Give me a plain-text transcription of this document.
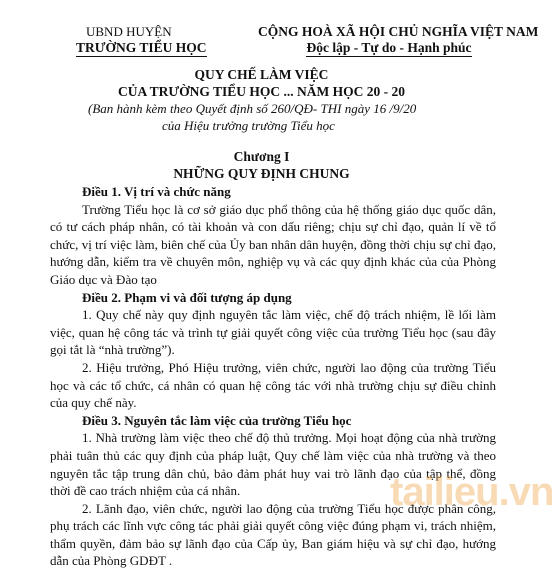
UBND HUYỆN
TRƯỜNG TIỂU HỌC
CỘNG HOÀ XÃ HỘI CHỦ NGHĨA VIỆT NAM
Độc lập - Tự do - Hạnh phúc
QUY CHẾ LÀM VIỆC
CỦA TRƯỜNG TIỂU HỌC ... NĂM HỌC 20 - 20
(Ban hành kèm theo Quyết định số 260/QĐ- THI ngày 16 /9/20
của Hiệu trưởng trường Tiểu học
Chương I
NHỮNG QUY ĐỊNH CHUNG

Điều 1. Vị trí và chức năng

Trường Tiểu học là cơ sở giáo dục phổ thông của hệ thống giáo dục quốc dân, có tư cách pháp nhân, có tài khoản và con dấu riêng; chịu sự chỉ đạo, quản lí về tổ chức, vị trí việc làm, biên chế của Ủy ban nhân dân huyện, đồng thời chịu sự chỉ đạo, hướng dẫn, kiểm tra về chuyên môn, nghiệp vụ và các quy định khác của của Phòng Giáo dục và Đào tạo

Điều 2. Phạm vi và đối tượng áp dụng

1. Quy chế này quy định nguyên tắc làm việc, chế độ trách nhiệm, lề lối làm việc, quan hệ công tác và trình tự giải quyết công việc của trường Tiểu học (sau đây gọi tắt là “nhà trường”).

2. Hiệu trưởng, Phó Hiệu trưởng, viên chức, người lao động của trường Tiểu học và các tổ chức, cá nhân có quan hệ công tác với nhà trường chịu sự điều chỉnh của quy chế này.

Điều 3. Nguyên tắc làm việc của trường Tiểu học

1. Nhà trường làm việc theo chế độ thủ trưởng. Mọi hoạt động của nhà trường phải tuân thủ các quy định của pháp luật, Quy chế làm việc của nhà trường và theo nguyên tắc tập trung dân chủ, bảo đảm phát huy vai trò lãnh đạo của tập thể, đồng thời đề cao trách nhiệm của cá nhân.

2. Lãnh đạo, viên chức, người lao động của trường Tiểu học được phân công, phụ trách các lĩnh vực công tác phải giải quyết công việc đúng phạm vi, trách nhiệm, thẩm quyền, đảm bảo sự lãnh đạo của Cấp ủy, Ban giám hiệu và sự chỉ đạo, hướng dẫn của Phòng GDĐT .

tailieu.vn
